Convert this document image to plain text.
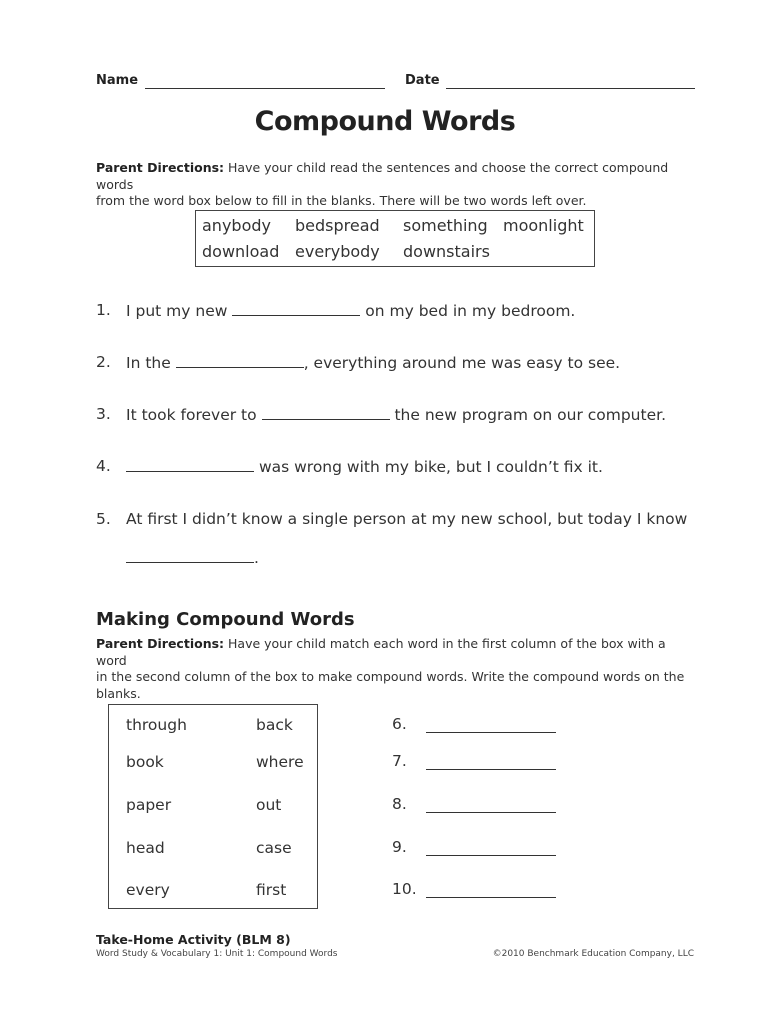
Name	Date
Compound Words
Parent Directions: Have your child read the sentences and choose the correct compound words
from the word box below to fill in the blanks. There will be two words left over.
anybody bedspread something moonlight
download everybody downstairs
1. I put my new	on my bed in my bedroom.
2. In the	, everything around me was easy to see.
3. It took forever to	the new program on our computer.
4.	was wrong with my bike, but I couldn’t fix it.
5. At first I didn’t know a single person at my new school, but today I know
.
Making Compound Words
Parent Directions: Have your child match each word in the first column of the box with a word
in the second column of the box to make compound words. Write the compound words on the
blanks.
through	back
book	where
paper	out
head	case
every	first
6.
7.
8.
9.
10.
Take-Home Activity (BLM 8)
Word Study & Vocabulary 1: Unit 1: Compound Words	©2010 Benchmark Education Company, LLC
